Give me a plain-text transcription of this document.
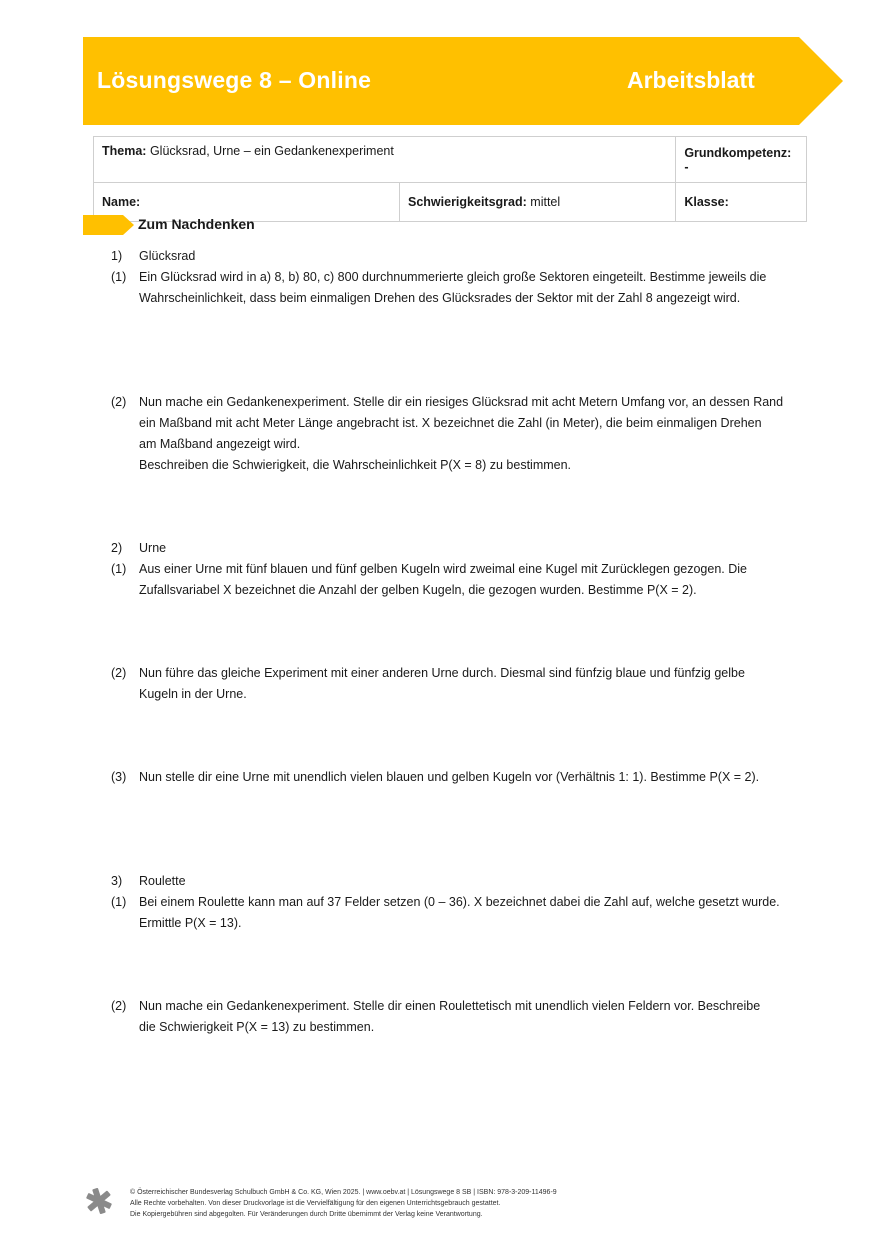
Lösungswege 8 – Online	Arbeitsblatt
Thema: Glücksrad, Urne – ein Gedankenexperiment		Grundkompetenz: -
Name:	Schwierigkeitsgrad: mittel	Klasse:
Zum Nachdenken
1) Glücksrad
(1) Ein Glücksrad wird in a) 8, b) 80, c) 800 durchnummerierte gleich große Sektoren eingeteilt. Bestimme jeweils die
Wahrscheinlichkeit, dass beim einmaligen Drehen des Glücksrades der Sektor mit der Zahl 8 angezeigt wird.
(2) Nun mache ein Gedankenexperiment. Stelle dir ein riesiges Glücksrad mit acht Metern Umfang vor, an dessen Rand
ein Maßband mit acht Meter Länge angebracht ist. X bezeichnet die Zahl (in Meter), die beim einmaligen Drehen
am Maßband angezeigt wird.
Beschreiben die Schwierigkeit, die Wahrscheinlichkeit P(X = 8) zu bestimmen.
2) Urne
(1) Aus einer Urne mit fünf blauen und fünf gelben Kugeln wird zweimal eine Kugel mit Zurücklegen gezogen. Die
Zufallsvariabel X bezeichnet die Anzahl der gelben Kugeln, die gezogen wurden. Bestimme P(X = 2).
(2) Nun führe das gleiche Experiment mit einer anderen Urne durch. Diesmal sind fünfzig blaue und fünfzig gelbe
Kugeln in der Urne.
(3) Nun stelle dir eine Urne mit unendlich vielen blauen und gelben Kugeln vor (Verhältnis 1: 1). Bestimme P(X = 2).
3) Roulette
(1) Bei einem Roulette kann man auf 37 Felder setzen (0 – 36). X bezeichnet dabei die Zahl auf, welche gesetzt wurde.
Ermittle P(X = 13).
(2) Nun mache ein Gedankenexperiment. Stelle dir einen Roulettetisch mit unendlich vielen Feldern vor. Beschreibe
die Schwierigkeit P(X = 13) zu bestimmen.
© Österreichischer Bundesverlag Schulbuch GmbH & Co. KG, Wien 2025. | www.oebv.at | Lösungswege 8 SB | ISBN: 978-3-209-11496-9
Alle Rechte vorbehalten. Von dieser Druckvorlage ist die Vervielfältigung für den eigenen Unterrichtsgebrauch gestattet.
Die Kopiergebühren sind abgegolten. Für Veränderungen durch Dritte übernimmt der Verlag keine Verantwortung.
